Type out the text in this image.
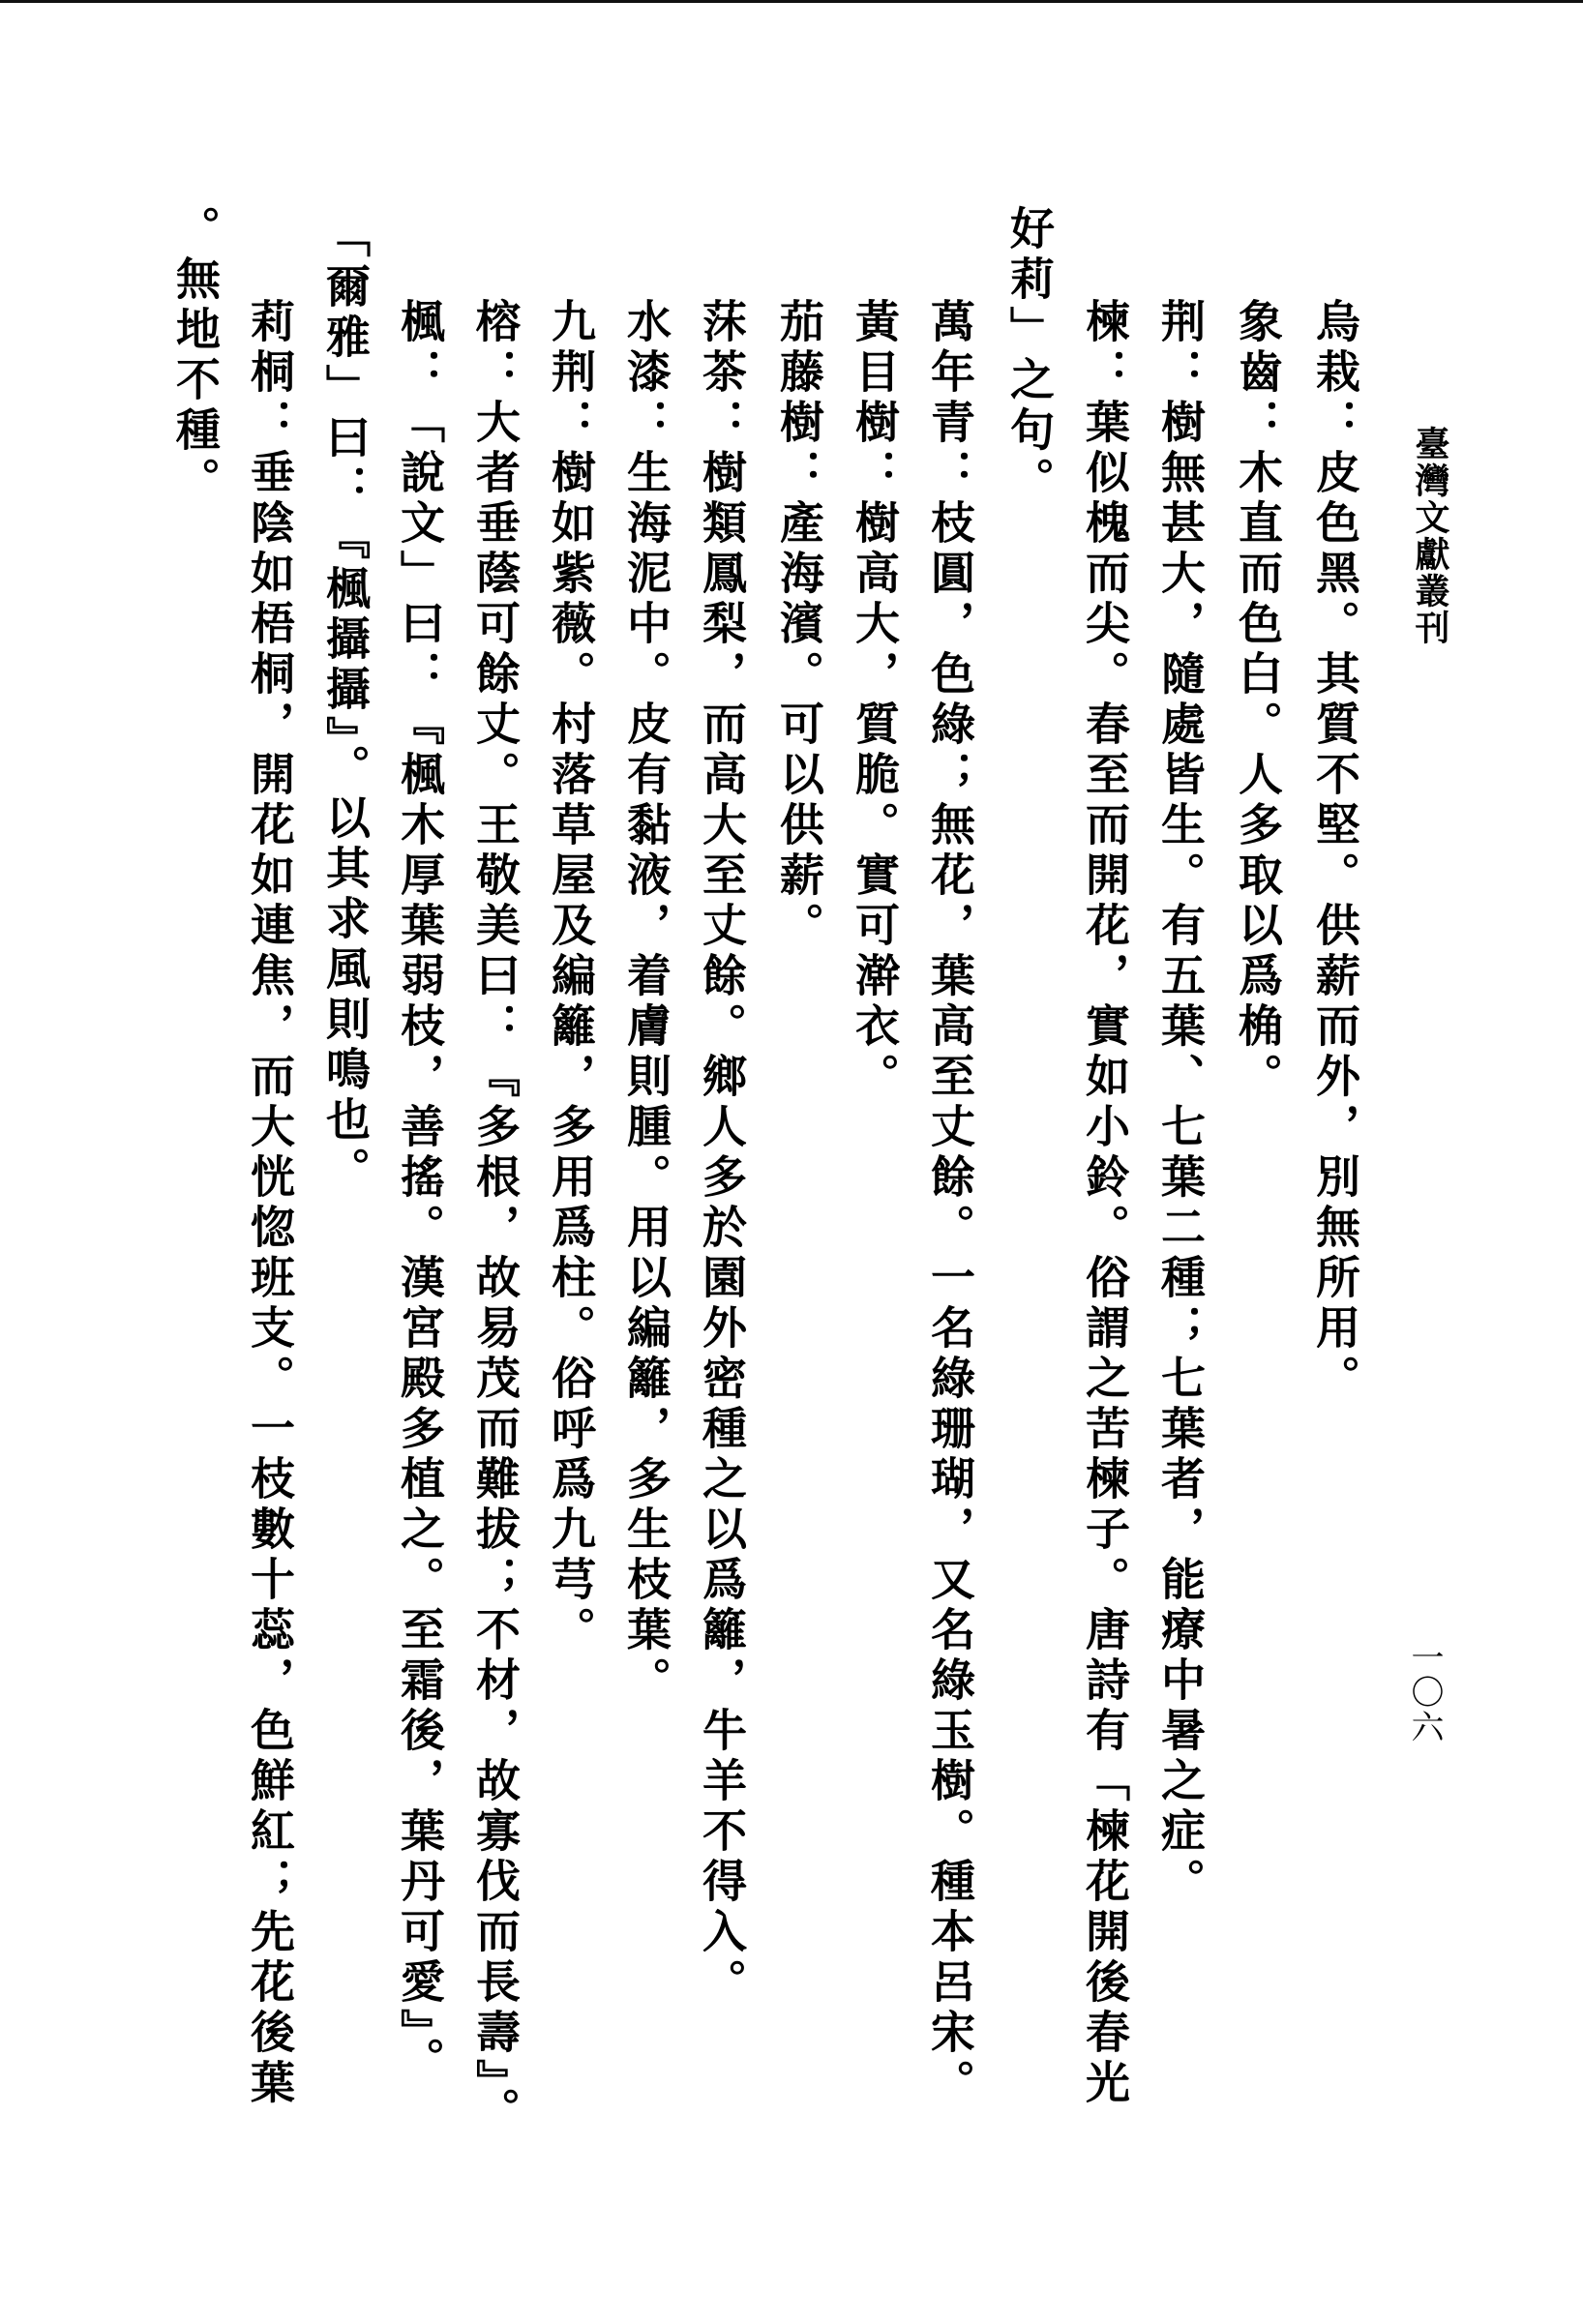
臺灣文獻叢刊
一〇六
烏栽：皮色黑。其質不堅。供薪而外，別無所用。
象齒：木直而色白。人多取以爲桷。
荆：樹無甚大，隨處皆生。有五葉、七葉二種；七葉者，能療中暑之症。
楝：葉似槐而尖。春至而開花，實如小鈴。俗謂之苦楝子。唐詩有「楝花開後春光
好莉」之句。
萬年青：枝圓，色綠；無花，葉高至丈餘。一名綠珊瑚，又名綠玉樹。種本呂宋。
黃目樹：樹高大，質脆。實可澣衣。
茄藤樹：產海濱。可以供薪。
莯茶：樹類鳳梨，而高大至丈餘。鄉人多於園外密種之以爲籬，牛羊不得入。
水漆：生海泥中。皮有黏液，着膚則腫。用以編籬，多生枝葉。
九荆：樹如紫薇。村落草屋及編籬，多用爲柱。俗呼爲九芎。
榕：大者垂蔭可餘丈。王敬美曰：『多根，故易茂而難拔；不材，故寡伐而長壽』。
楓：「說文」曰：『楓木厚葉弱枝，善搖。漢宮殿多植之。至霜後，葉丹可愛』。
「爾雅」曰：『楓攝攝』。以其求風則鳴也。
莉桐：垂陰如梧桐，開花如連焦，而大恍惚班支。一枝數十蕊，色鮮紅；先花後葉
。無地不種。
